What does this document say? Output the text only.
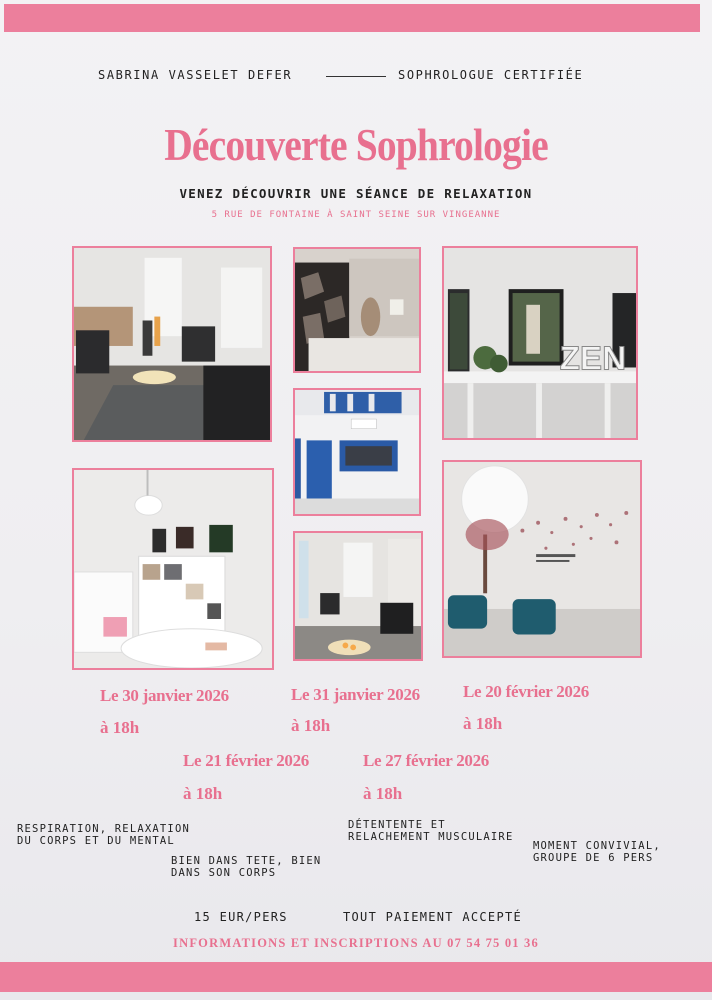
SABRINA VASSELET DEFER	SOPHROLOGUE CERTIFIÉE
Découverte Sophrologie
VENEZ DÉCOUVRIR UNE SÉANCE DE RELAXATION
5 RUE DE FONTAINE À SAINT SEINE SUR VINGEANNE
ZEN
Le 30 janvier 2026
à 18h
Le 31 janvier 2026
à 18h
Le 20 février 2026
à 18h
Le 21 février 2026
à 18h
Le 27 février 2026
à 18h
RESPIRATION, RELAXATION
DU CORPS ET DU MENTAL
DÉTENTENTE ET
RELACHEMENT MUSCULAIRE
MOMENT CONVIVIAL,
GROUPE DE 6 PERS
BIEN DANS TETE, BIEN
DANS SON CORPS
15 EUR/PERS	TOUT PAIEMENT ACCEPTÉ
INFORMATIONS ET INSCRIPTIONS AU 07 54 75 01 36
